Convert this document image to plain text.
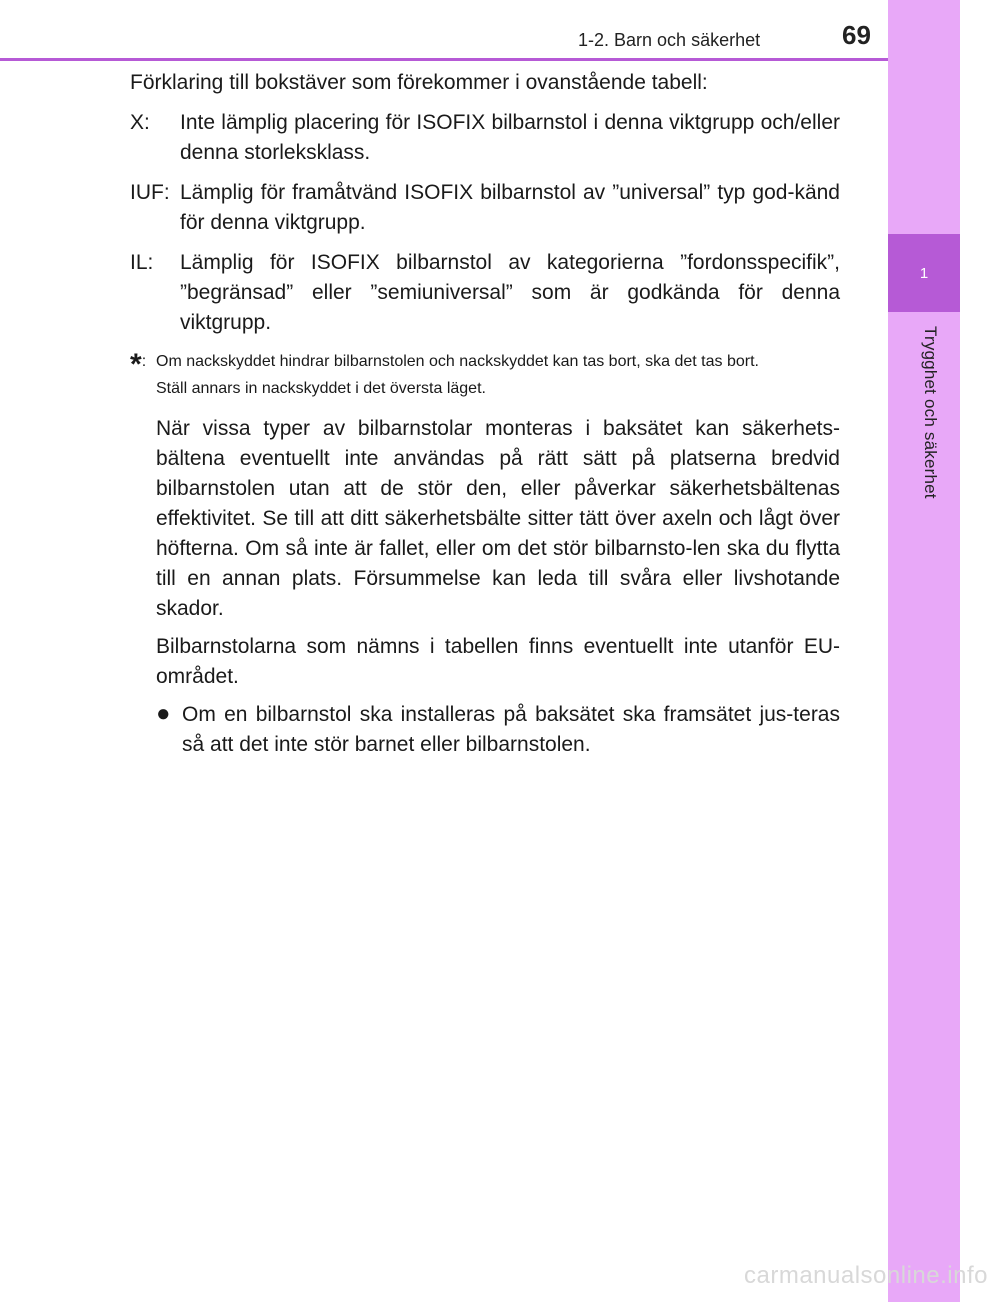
1
Trygghet och säkerhet
1-2. Barn och säkerhet	69

Förklaring till bokstäver som förekommer i ovanstående tabell:

X:	Inte lämplig placering för ISOFIX bilbarnstol i denna viktgrupp och/eller denna storleksklass.
IUF: Lämplig för framåtvänd ISOFIX bilbarnstol av ”universal” typ god-känd för denna viktgrupp.
IL:	Lämplig för ISOFIX bilbarnstol av kategorierna ”fordonsspecifik”, ”begränsad” eller ”semiuniversal” som är godkända för denna viktgrupp.
*: Om nackskyddet hindrar bilbarnstolen och nackskyddet kan tas bort, ska det tas bort.
Ställ annars in nackskyddet i det översta läget.

När vissa typer av bilbarnstolar monteras i baksätet kan säkerhets-bältena eventuellt inte användas på rätt sätt på platserna bredvid bilbarnstolen utan att de stör den, eller påverkar säkerhetsbältenas effektivitet. Se till att ditt säkerhetsbälte sitter tätt över axeln och lågt över höfterna. Om så inte är fallet, eller om det stör bilbarnsto-len ska du flytta till en annan plats. Försummelse kan leda till svåra eller livshotande skador.

Bilbarnstolarna som nämns i tabellen finns eventuellt inte utanför EU-området.

● Om en bilbarnstol ska installeras på baksätet ska framsätet jus-teras så att det inte stör barnet eller bilbarnstolen.
carmanualsonline.info
